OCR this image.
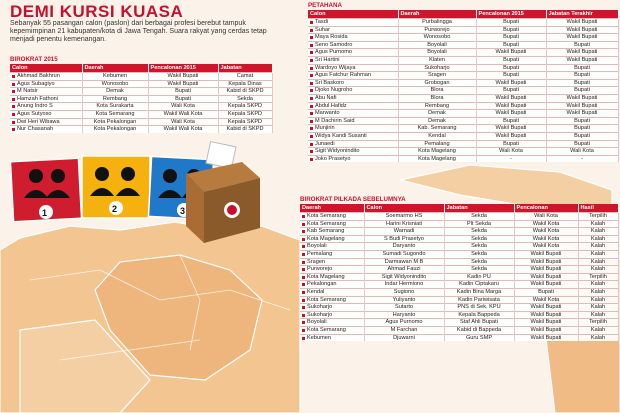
DEMI KURSI KUASA
Sebanyak 55 pasangan calon (paslon) dari berbagai profesi berebut tampuk kepemimpinan 21 kabupaten/kota di Jawa Tengah. Suara rakyat yang cerdas tetap menjadi penentu kemenangan.
1	2	3
BIROKRAT 2015
Calon	Daerah	Pencalonan 2015	Jabatan
Akhmad Bakhrun	Kebumen	Wakil Bupati	Camat
Agus Subagiyo	Wonosobo	Wakil Bupati	Kepala Dinas
M Natsir	Demak	Bupati	Kabid di SKPD
Hamzah Fathoni	Rembang	Bupati	Sekda
Anung Indro S	Kota Surakarta	Wali Kota	Kepala SKPD
Agus Sutyoso	Kota Semarang	Wakil Wali Kota	Kepala SKPD
Dwi Heri Wibawa	Kota Pekalongan	Wali Kota	Kepala SKPD
Nur Chasanah	Kota Pekalongan	Wakil Wali Kota	Kabid di SKPD
PETAHANA
Calon	Daerah	Pencalonan 2015	Jabatan Terakhir
Tasdi	Purbalingga	Bupati	Wakil Bupati
Suhar	Purworejo	Bupati	Wakil Bupati
Maya Rosida	Wonosobo	Bupati	Wakil Bupati
Seno Samodro	Boyolali	Bupati	Bupati
Agus Purnomo	Boyolali	Wakil Bupati	Wakil Bupati
Sri Hartini	Klaten	Bupati	Wakil Bupati
Wardoyo Wijaya	Sukoharjo	Bupati	Bupati
Agus Fatchur Rahman	Sragen	Bupati	Bupati
Sri Baskoro	Grobogan	Wakil Bupati	Bupati
Djoko Nugroho	Blora	Bupati	Bupati
Abu Nafi	Blora	Wakil Bupati	Wakil Bupati
Abdul Hafidz	Rembang	Wakil Bupati	Wakil Bupati
Marwanto	Demak	Wakil Bupati	Wakil Bupati
M Dachirin Said	Demak	Bupati	Bupati
Munjirin	Kab. Semarang	Wakil Bupati	Bupati
Widya Kandi Susanti	Kendal	Wakil Bupati	Bupati
Junaedi	Pemalang	Bupati	Bupati
Sigit Widyonindito	Kota Magelang	Wali Kota	Wali Kota
Joko Prasetyo	Kota Magelang	-	-
BIROKRAT PILKADA SEBELUMNYA
Daerah	Calon	Jabatan	Pencalonan	Hasil
Kota Semarang	Soemarmo HS	Sekda	Wali Kota	Terpilih
Kota Semarang	Harini Krisniati	Plt Sekda	Wakil Kota	Kalah
Kab Semarang	Warnadi	Sekda	Wakil Kota	Kalah
Kota Magelang	S Budi Prasetyo	Sekda	Wakil Kota	Kalah
Boyolali	Daryanto	Sekda	Wakil Kota	Kalah
Pemalang	Sumadi Sugondo	Sekda	Wakil Bupati	Kalah
Sragen	Darmawan M B	Sekda	Wakil Bupati	Kalah
Purworejo	Ahmad Fauzi	Sekda	Wakil Bupati	Kalah
Kota Magelang	Sigit Widyonindito	Kadin PU	Wakil Bupati	Terpilih
Pekalongan	Indar Hermiono	Kadin Ciptakaru	Wakil Bupati	Kalah
Kendal	Sugiono	Kadin Bina Marga	Bupati	Kalah
Kota Semarang	Yuliyanto	Kadin Pariwisata	Wakil Kota	Kalah
Sukoharjo	Sutarto	PNS di Sek. KPU	Wakil Bupati	Kalah
Sukoharjo	Haryanto	Kepala Bappeda	Wakil Bupati	Kalah
Boyolali	Agus Purnomo	Staf Ahli Bupati	Wakil Bupati	Terpilih
Kota Semarang	M Farchan	Kabid di Bappeda	Wakil Bupati	Kalah
Kebumen	Djuwarni	Guru SMP	Wakil Bupati	Kalah
